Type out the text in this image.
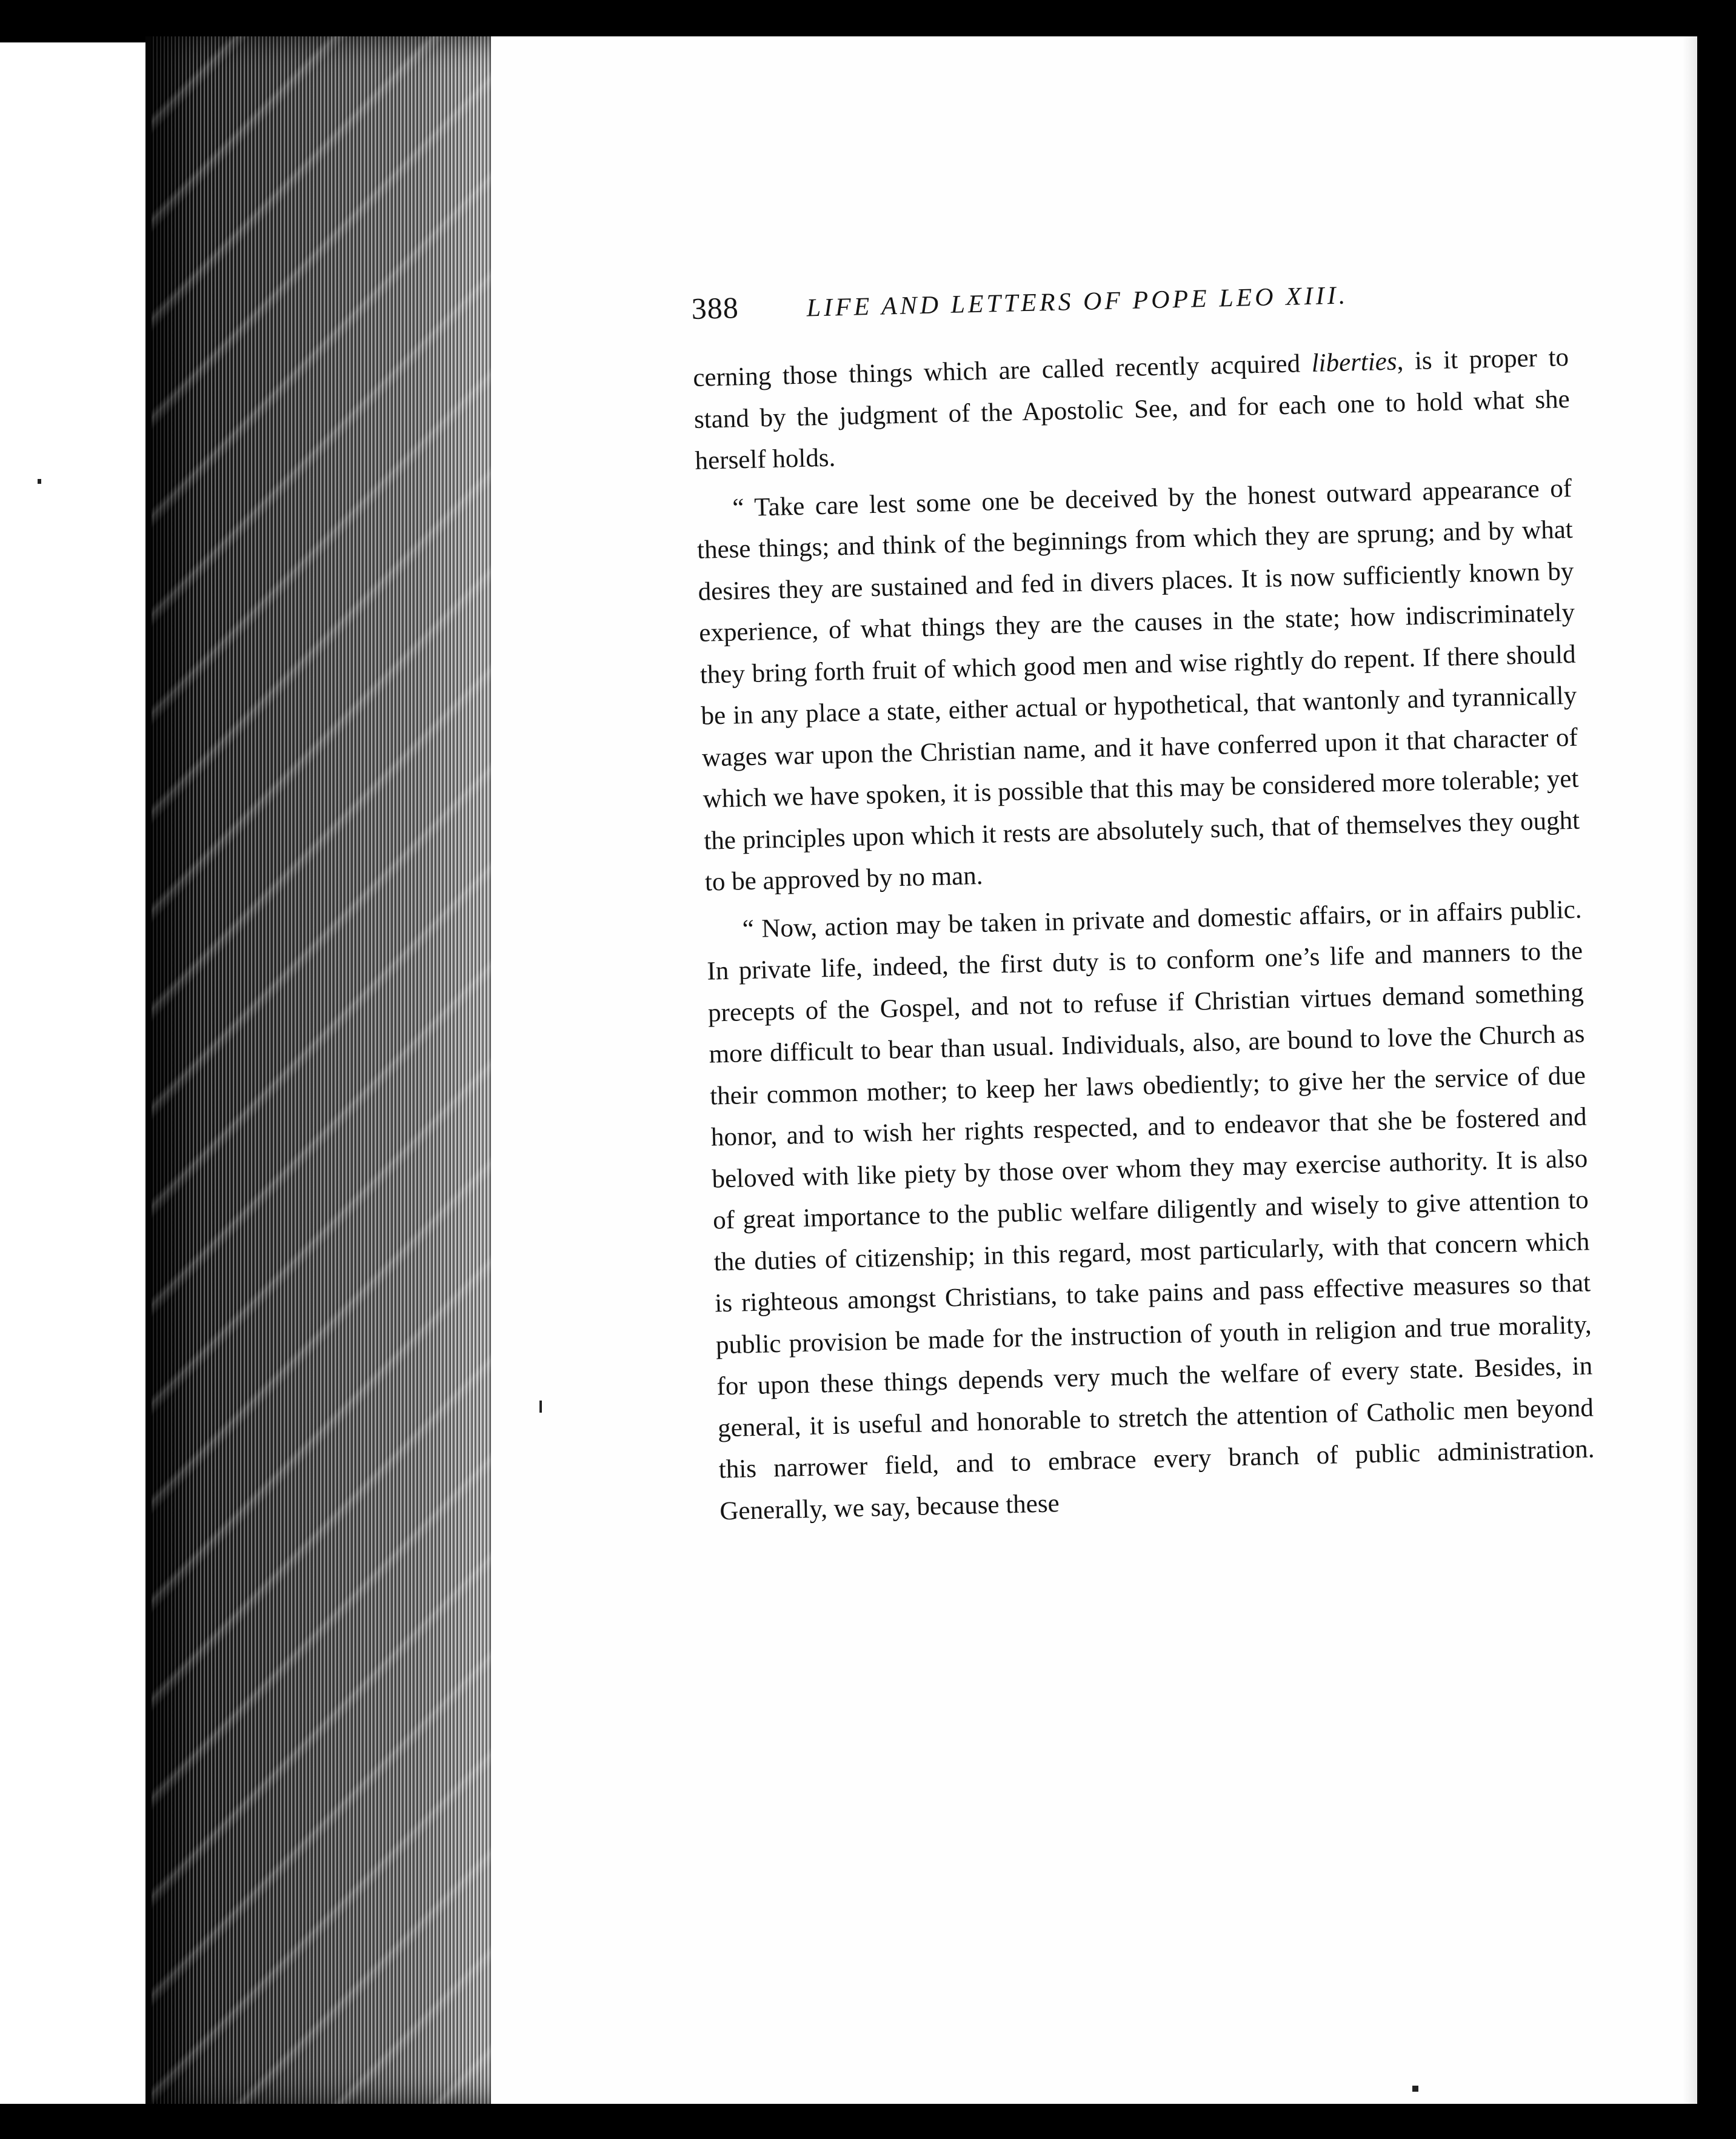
388	LIFE AND LETTERS OF POPE LEO XIII.

cerning those things which are called recently acquired liberties, is it proper to stand by the judgment of the Apostolic See, and for each one to hold what she herself holds.

“ Take care lest some one be deceived by the honest outward appearance of these things; and think of the beginnings from which they are sprung; and by what desires they are sustained and fed in divers places. It is now sufficiently known by experience, of what things they are the causes in the state; how indiscriminately they bring forth fruit of which good men and wise rightly do repent. If there should be in any place a state, either actual or hypothetical, that wantonly and tyrannically wages war upon the Christian name, and it have conferred upon it that character of which we have spoken, it is possible that this may be considered more tolerable; yet the principles upon which it rests are absolutely such, that of themselves they ought to be approved by no man.

“ Now, action may be taken in private and domestic affairs, or in affairs public. In private life, indeed, the first duty is to conform one’s life and manners to the precepts of the Gospel, and not to refuse if Christian virtues demand something more difficult to bear than usual. Individuals, also, are bound to love the Church as their common mother; to keep her laws obediently; to give her the service of due honor, and to wish her rights respected, and to endeavor that she be fostered and beloved with like piety by those over whom they may exercise authority. It is also of great importance to the public welfare diligently and wisely to give attention to the duties of citizenship; in this regard, most particularly, with that concern which is righteous amongst Christians, to take pains and pass effective measures so that public provision be made for the instruction of youth in religion and true morality, for upon these things depends very much the welfare of every state. Besides, in general, it is useful and honorable to stretch the attention of Catholic men beyond this narrower field, and to embrace every branch of public administration. Generally, we say, because these
